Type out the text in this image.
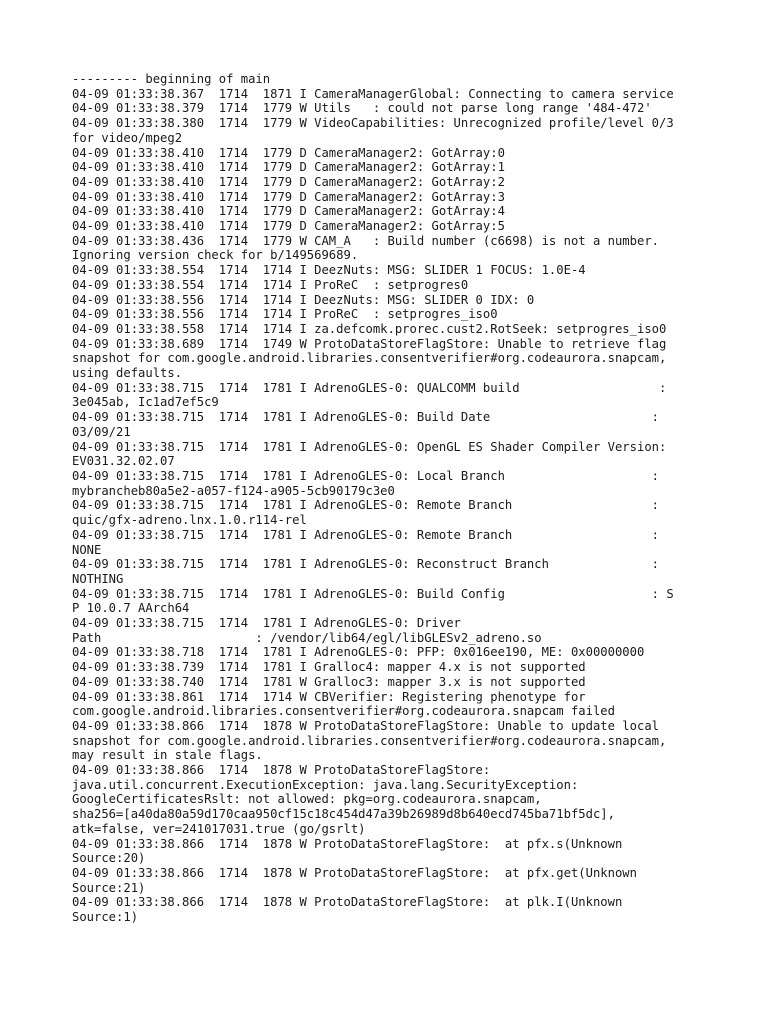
--------- beginning of main
04-09 01:33:38.367  1714  1871 I CameraManagerGlobal: Connecting to camera service
04-09 01:33:38.379  1714  1779 W Utils   : could not parse long range '484-472'
04-09 01:33:38.380  1714  1779 W VideoCapabilities: Unrecognized profile/level 0/3
for video/mpeg2
04-09 01:33:38.410  1714  1779 D CameraManager2: GotArray:0
04-09 01:33:38.410  1714  1779 D CameraManager2: GotArray:1
04-09 01:33:38.410  1714  1779 D CameraManager2: GotArray:2
04-09 01:33:38.410  1714  1779 D CameraManager2: GotArray:3
04-09 01:33:38.410  1714  1779 D CameraManager2: GotArray:4
04-09 01:33:38.410  1714  1779 D CameraManager2: GotArray:5
04-09 01:33:38.436  1714  1779 W CAM_A   : Build number (c6698) is not a number.
Ignoring version check for b/149569689.
04-09 01:33:38.554  1714  1714 I DeezNuts: MSG: SLIDER 1 FOCUS: 1.0E-4
04-09 01:33:38.554  1714  1714 I ProReC  : setprogres0
04-09 01:33:38.556  1714  1714 I DeezNuts: MSG: SLIDER 0 IDX: 0
04-09 01:33:38.556  1714  1714 I ProReC  : setprogres_iso0
04-09 01:33:38.558  1714  1714 I za.defcomk.prorec.cust2.RotSeek: setprogres_iso0
04-09 01:33:38.689  1714  1749 W ProtoDataStoreFlagStore: Unable to retrieve flag
snapshot for com.google.android.libraries.consentverifier#org.codeaurora.snapcam,
using defaults.
04-09 01:33:38.715  1714  1781 I AdrenoGLES-0: QUALCOMM build                   :
3e045ab, Ic1ad7ef5c9
04-09 01:33:38.715  1714  1781 I AdrenoGLES-0: Build Date                      :
03/09/21
04-09 01:33:38.715  1714  1781 I AdrenoGLES-0: OpenGL ES Shader Compiler Version:
EV031.32.02.07
04-09 01:33:38.715  1714  1781 I AdrenoGLES-0: Local Branch                    :
mybrancheb80a5e2-a057-f124-a905-5cb90179c3e0
04-09 01:33:38.715  1714  1781 I AdrenoGLES-0: Remote Branch                   :
quic/gfx-adreno.lnx.1.0.r114-rel
04-09 01:33:38.715  1714  1781 I AdrenoGLES-0: Remote Branch                   :
NONE
04-09 01:33:38.715  1714  1781 I AdrenoGLES-0: Reconstruct Branch              :
NOTHING
04-09 01:33:38.715  1714  1781 I AdrenoGLES-0: Build Config                    : S
P 10.0.7 AArch64
04-09 01:33:38.715  1714  1781 I AdrenoGLES-0: Driver
Path                     : /vendor/lib64/egl/libGLESv2_adreno.so
04-09 01:33:38.718  1714  1781 I AdrenoGLES-0: PFP: 0x016ee190, ME: 0x00000000
04-09 01:33:38.739  1714  1781 I Gralloc4: mapper 4.x is not supported
04-09 01:33:38.740  1714  1781 W Gralloc3: mapper 3.x is not supported
04-09 01:33:38.861  1714  1714 W CBVerifier: Registering phenotype for
com.google.android.libraries.consentverifier#org.codeaurora.snapcam failed
04-09 01:33:38.866  1714  1878 W ProtoDataStoreFlagStore: Unable to update local
snapshot for com.google.android.libraries.consentverifier#org.codeaurora.snapcam,
may result in stale flags.
04-09 01:33:38.866  1714  1878 W ProtoDataStoreFlagStore:
java.util.concurrent.ExecutionException: java.lang.SecurityException:
GoogleCertificatesRslt: not allowed: pkg=org.codeaurora.snapcam,
sha256=[a40da80a59d170caa950cf15c18c454d47a39b26989d8b640ecd745ba71bf5dc],
atk=false, ver=241017031.true (go/gsrlt)
04-09 01:33:38.866  1714  1878 W ProtoDataStoreFlagStore:  at pfx.s(Unknown
Source:20)
04-09 01:33:38.866  1714  1878 W ProtoDataStoreFlagStore:  at pfx.get(Unknown
Source:21)
04-09 01:33:38.866  1714  1878 W ProtoDataStoreFlagStore:  at plk.I(Unknown
Source:1)
